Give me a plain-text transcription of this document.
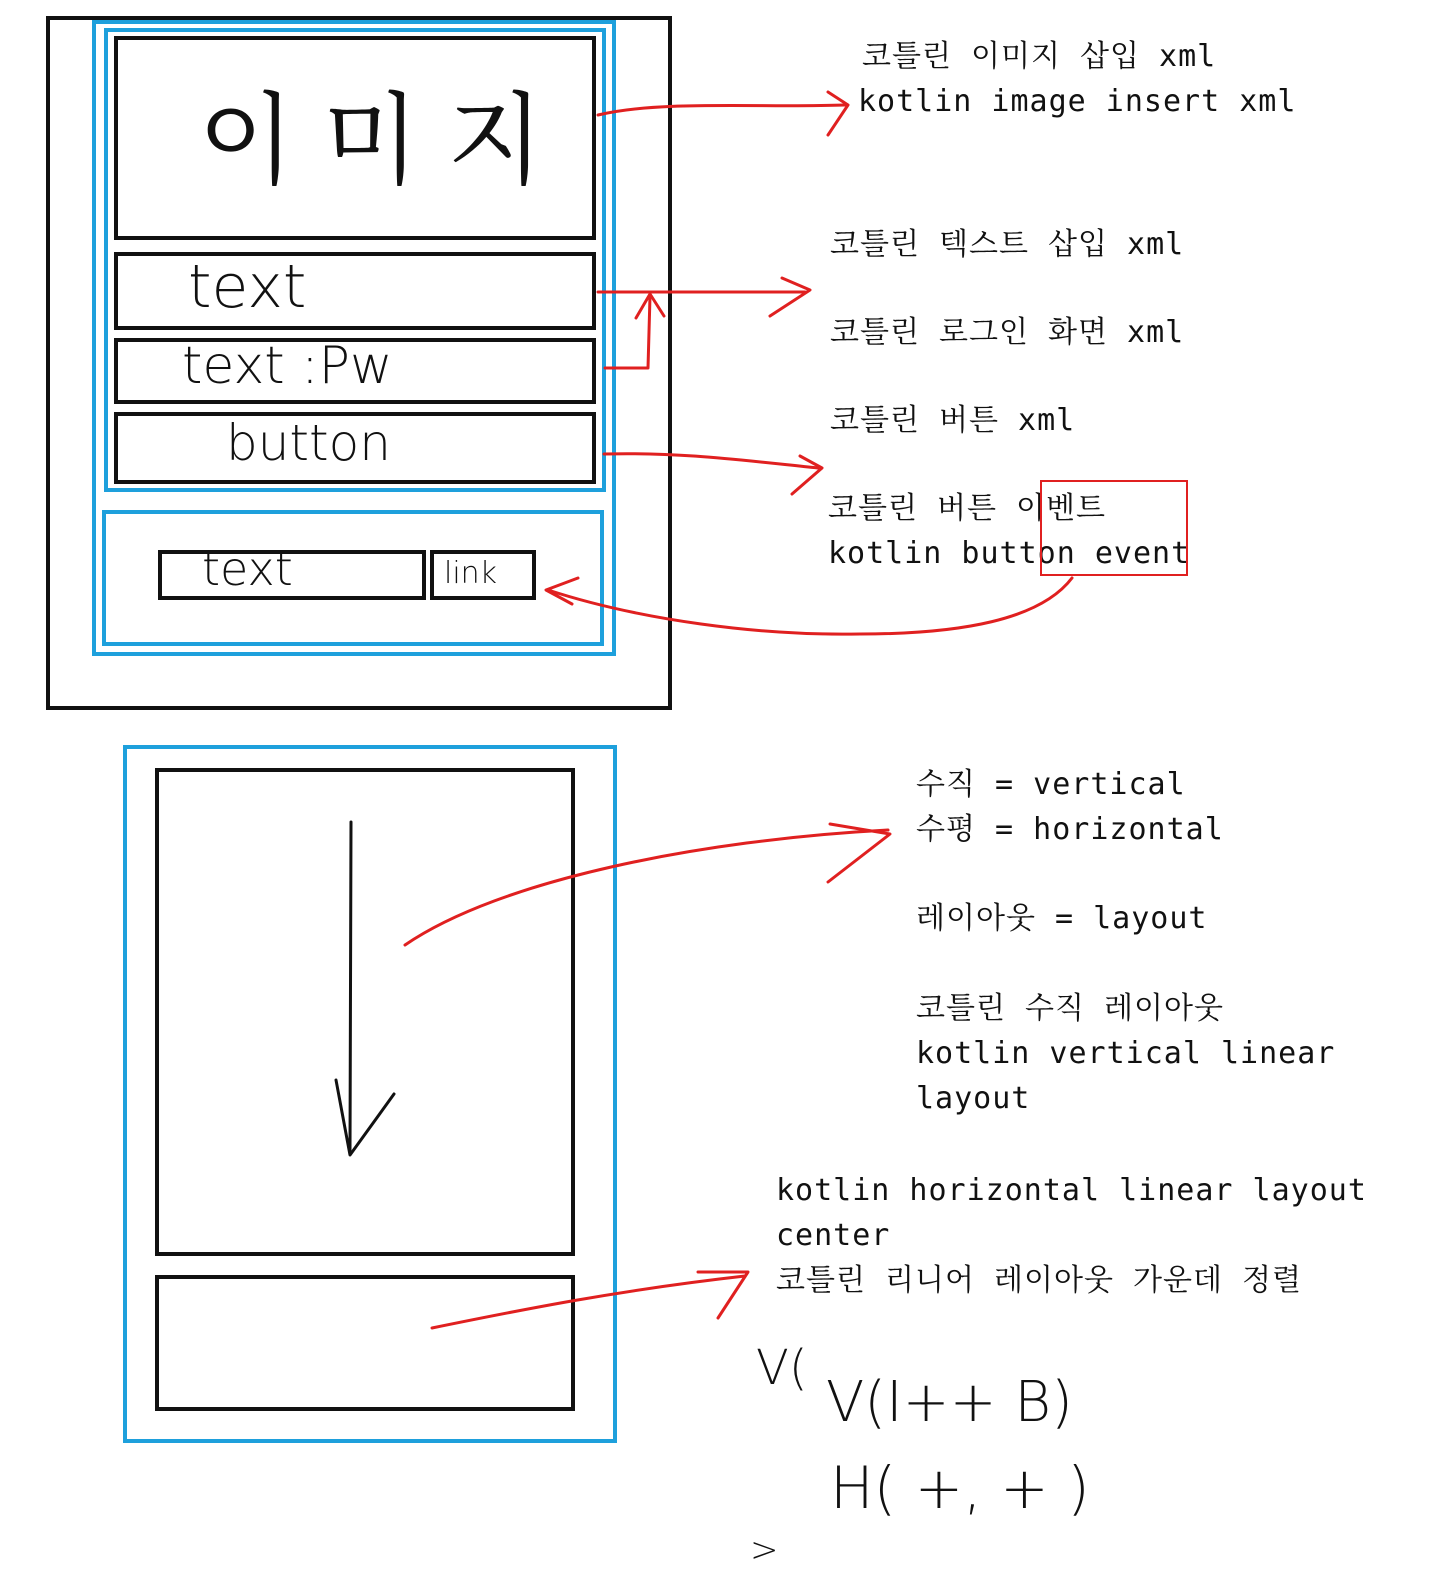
이미지
text
text :Pw
button
text	link
코틀린 이미지 삽입 xml
kotlin image insert xml
코틀린 텍스트 삽입 xml
코틀린 로그인 화면 xml
코틀린 버튼 xml
코틀린 버튼 이벤트
kotlin button event
수직 = vertical
수평 = horizontal
레이아웃 = layout
코틀린 수직 레이아웃
kotlin vertical linear
layout
kotlin horizontal linear layout
center
코틀린 리니어 레이아웃 가운데 정렬
V(
V(I++ B)
H( +, + )
>
